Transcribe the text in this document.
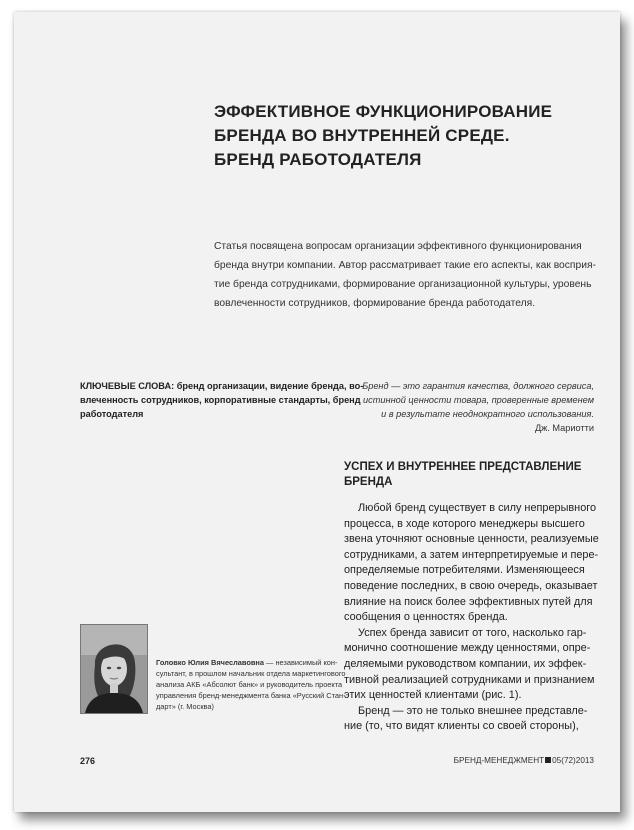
ЭФФЕКТИВНОЕ ФУНКЦИОНИРОВАНИЕ
БРЕНДА ВО ВНУТРЕННЕЙ СРЕДЕ.
БРЕНД РАБОТОДАТЕЛЯ
Статья посвящена вопросам организации эффективного функционирования
бренда внутри компании. Автор рассматривает такие его аспекты, как восприя-
тие бренда сотрудниками, формирование организационной культуры, уровень
вовлеченности сотрудников, формирование бренда работодателя.
КЛЮЧЕВЫЕ СЛОВА: бренд организации, видение бренда, во-
влеченность сотрудников, корпоративные стандарты, бренд
работодателя
Бренд — это гарантия качества, должного сервиса,
истинной ценности товара, проверенные временем
и в результате неоднократного использования.
Дж. Мариотти
УСПЕХ И ВНУТРЕННЕЕ ПРЕДСТАВЛЕНИЕ
БРЕНДА
Любой бренд существует в силу непрерывного
процесса, в ходе которого менеджеры высшего
звена уточняют основные ценности, реализуемые
сотрудниками, а затем интерпретируемые и пере-
определяемые потребителями. Изменяющееся
поведение последних, в свою очередь, оказывает
влияние на поиск более эффективных путей для
сообщения о ценностях бренда.
Успех бренда зависит от того, насколько гар-
монично соотношение между ценностями, опре-
деляемыми руководством компании, их эффек-
тивной реализацией сотрудниками и признанием
этих ценностей клиентами (рис. 1).
Бренд — это не только внешнее представле-
ние (то, что видят клиенты со своей стороны),
Головко Юлия Вячеславовна — независимый кон-
сультант, в прошлом начальник отдела маркетингового
анализа АКБ «Абсолют банк» и руководитель проекта
управления бренд-менеджмента банка «Русский Стан-
дарт» (г. Москва)
276	БРЕНД-МЕНЕДЖМЕНТ 05(72)2013
